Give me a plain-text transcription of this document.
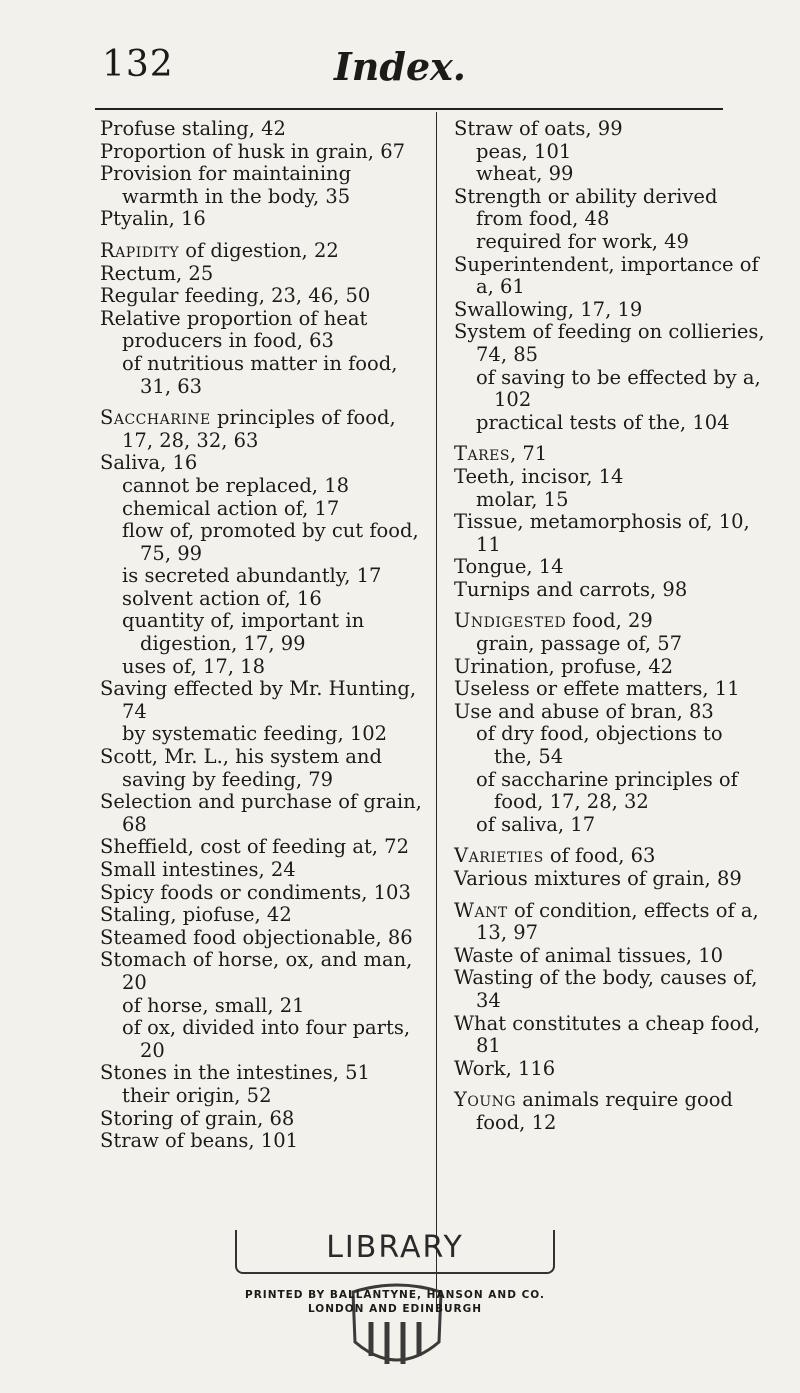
132	Index.

Profuse staling, 42

Proportion of husk in grain, 67

Provision for maintaining warmth in the body, 35

Ptyalin, 16

Rapidity of digestion, 22

Rectum, 25

Regular feeding, 23, 46, 50

Relative proportion of heat producers in food, 63

of nutritious matter in food, 31, 63

Saccharine principles of food, 17, 28, 32, 63

Saliva, 16

cannot be replaced, 18

chemical action of, 17

flow of, promoted by cut food, 75, 99

is secreted abundantly, 17

solvent action of, 16

quantity of, important in digestion, 17, 99

uses of, 17, 18

Saving effected by Mr. Hunting, 74

by systematic feeding, 102

Scott, Mr. L., his system and saving by feeding, 79

Selection and purchase of grain, 68

Sheffield, cost of feeding at, 72

Small intestines, 24

Spicy foods or condiments, 103

Staling, piofuse, 42

Steamed food objectionable, 86

Stomach of horse, ox, and man, 20

of horse, small, 21

of ox, divided into four parts, 20

Stones in the intestines, 51

their origin, 52

Storing of grain, 68

Straw of beans, 101

Straw of oats, 99

peas, 101

wheat, 99

Strength or ability derived from food, 48

required for work, 49

Superintendent, importance of a, 61

Swallowing, 17, 19

System of feeding on collieries, 74, 85

of saving to be effected by a, 102

practical tests of the, 104

Tares, 71

Teeth, incisor, 14

molar, 15

Tissue, metamorphosis of, 10, 11

Tongue, 14

Turnips and carrots, 98

Undigested food, 29

grain, passage of, 57

Urination, profuse, 42

Useless or effete matters, 11

Use and abuse of bran, 83

of dry food, objections to the, 54

of saccharine principles of food, 17, 28, 32

of saliva, 17

Varieties of food, 63

Various mixtures of grain, 89

Want of condition, effects of a, 13, 97

Waste of animal tissues, 10

Wasting of the body, causes of, 34

What constitutes a cheap food, 81

Work, 116

Young animals require good food, 12

LIBRARY
PRINTED BY BALLANTYNE, HANSON AND CO.
LONDON AND EDINBURGH
